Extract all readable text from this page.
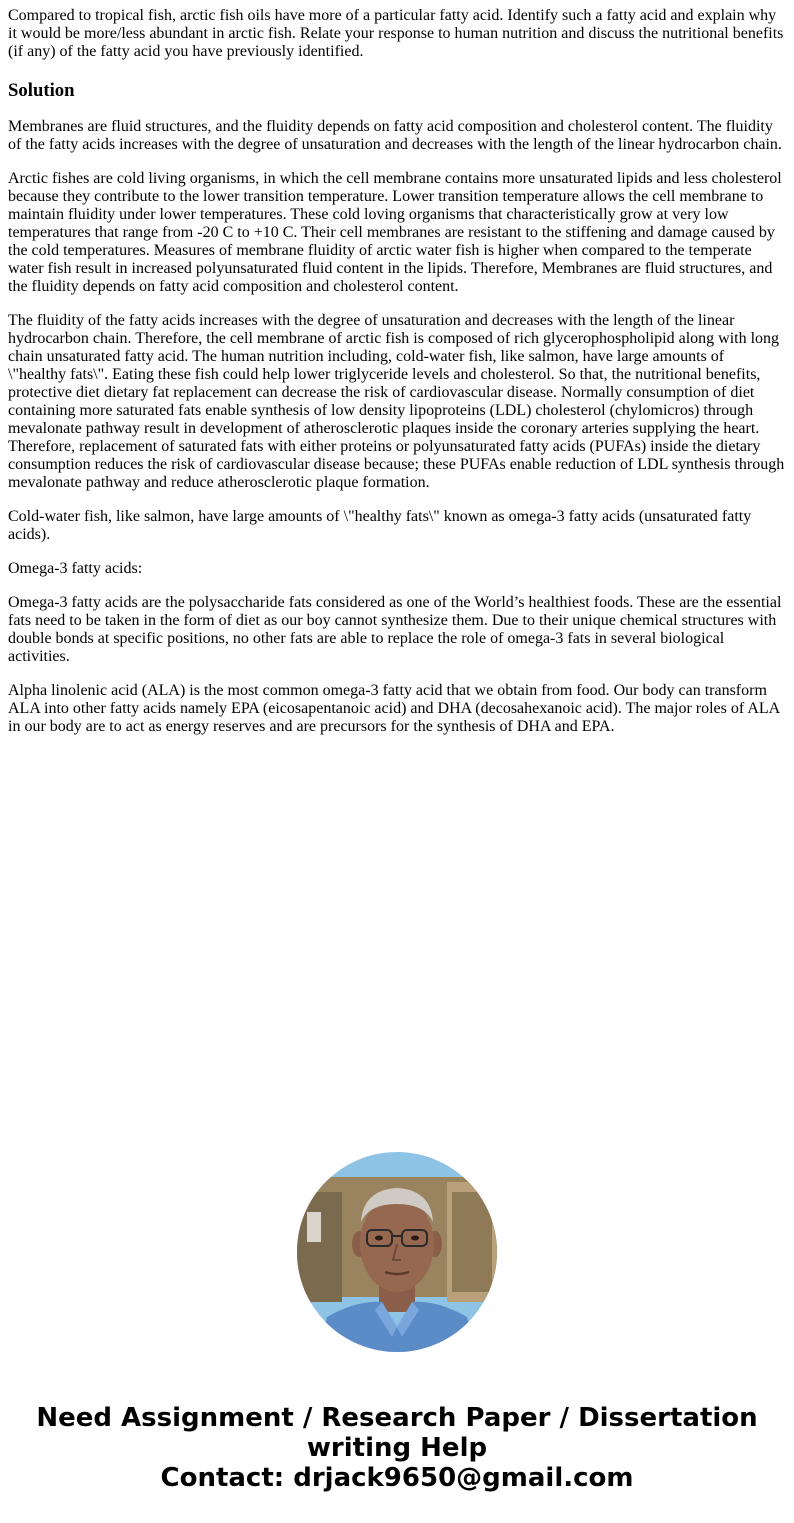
Compared to tropical fish, arctic fish oils have more of a particular fatty acid. Identify such a fatty acid and explain why it would be more/less abundant in arctic fish. Relate your response to human nutrition and discuss the nutritional benefits (if any) of the fatty acid you have previously identified.

Solution

Membranes are fluid structures, and the fluidity depends on fatty acid composition and cholesterol content. The fluidity of the fatty acids increases with the degree of unsaturation and decreases with the length of the linear hydrocarbon chain.

Arctic fishes are cold living organisms, in which the cell membrane contains more unsaturated lipids and less cholesterol because they contribute to the lower transition temperature. Lower transition temperature allows the cell membrane to maintain fluidity under lower temperatures. These cold loving organisms that characteristically grow at very low temperatures that range from -20 C to +10 C. Their cell membranes are resistant to the stiffening and damage caused by the cold temperatures. Measures of membrane fluidity of arctic water fish is higher when compared to the temperate water fish result in increased polyunsaturated fluid content in the lipids. Therefore, Membranes are fluid structures, and the fluidity depends on fatty acid composition and cholesterol content.

The fluidity of the fatty acids increases with the degree of unsaturation and decreases with the length of the linear hydrocarbon chain. Therefore, the cell membrane of arctic fish is composed of rich glycerophospholipid along with long chain unsaturated fatty acid. The human nutrition including, cold-water fish, like salmon, have large amounts of \"healthy fats\". Eating these fish could help lower triglyceride levels and cholesterol. So that, the nutritional benefits, protective diet dietary fat replacement can decrease the risk of cardiovascular disease. Normally consumption of diet containing more saturated fats enable synthesis of low density lipoproteins (LDL) cholesterol (chylomicros) through mevalonate pathway result in development of atherosclerotic plaques inside the coronary arteries supplying the heart. Therefore, replacement of saturated fats with either proteins or polyunsaturated fatty acids (PUFAs) inside the dietary consumption reduces the risk of cardiovascular disease because; these PUFAs enable reduction of LDL synthesis through mevalonate pathway and reduce atherosclerotic plaque formation.

Cold-water fish, like salmon, have large amounts of \"healthy fats\" known as omega-3 fatty acids (unsaturated fatty acids).

Omega-3 fatty acids:

Omega-3 fatty acids are the polysaccharide fats considered as one of the World’s healthiest foods. These are the essential fats need to be taken in the form of diet as our boy cannot synthesize them. Due to their unique chemical structures with double bonds at specific positions, no other fats are able to replace the role of omega-3 fats in several biological activities.

Alpha linolenic acid (ALA) is the most common omega-3 fatty acid that we obtain from food. Our body can transform ALA into other fatty acids namely EPA (eicosapentanoic acid) and DHA (decosahexanoic acid). The major roles of ALA in our body are to act as energy reserves and are precursors for the synthesis of DHA and EPA.

Need Assignment / Research Paper / Dissertation
writing Help
Contact: drjack9650@gmail.com
